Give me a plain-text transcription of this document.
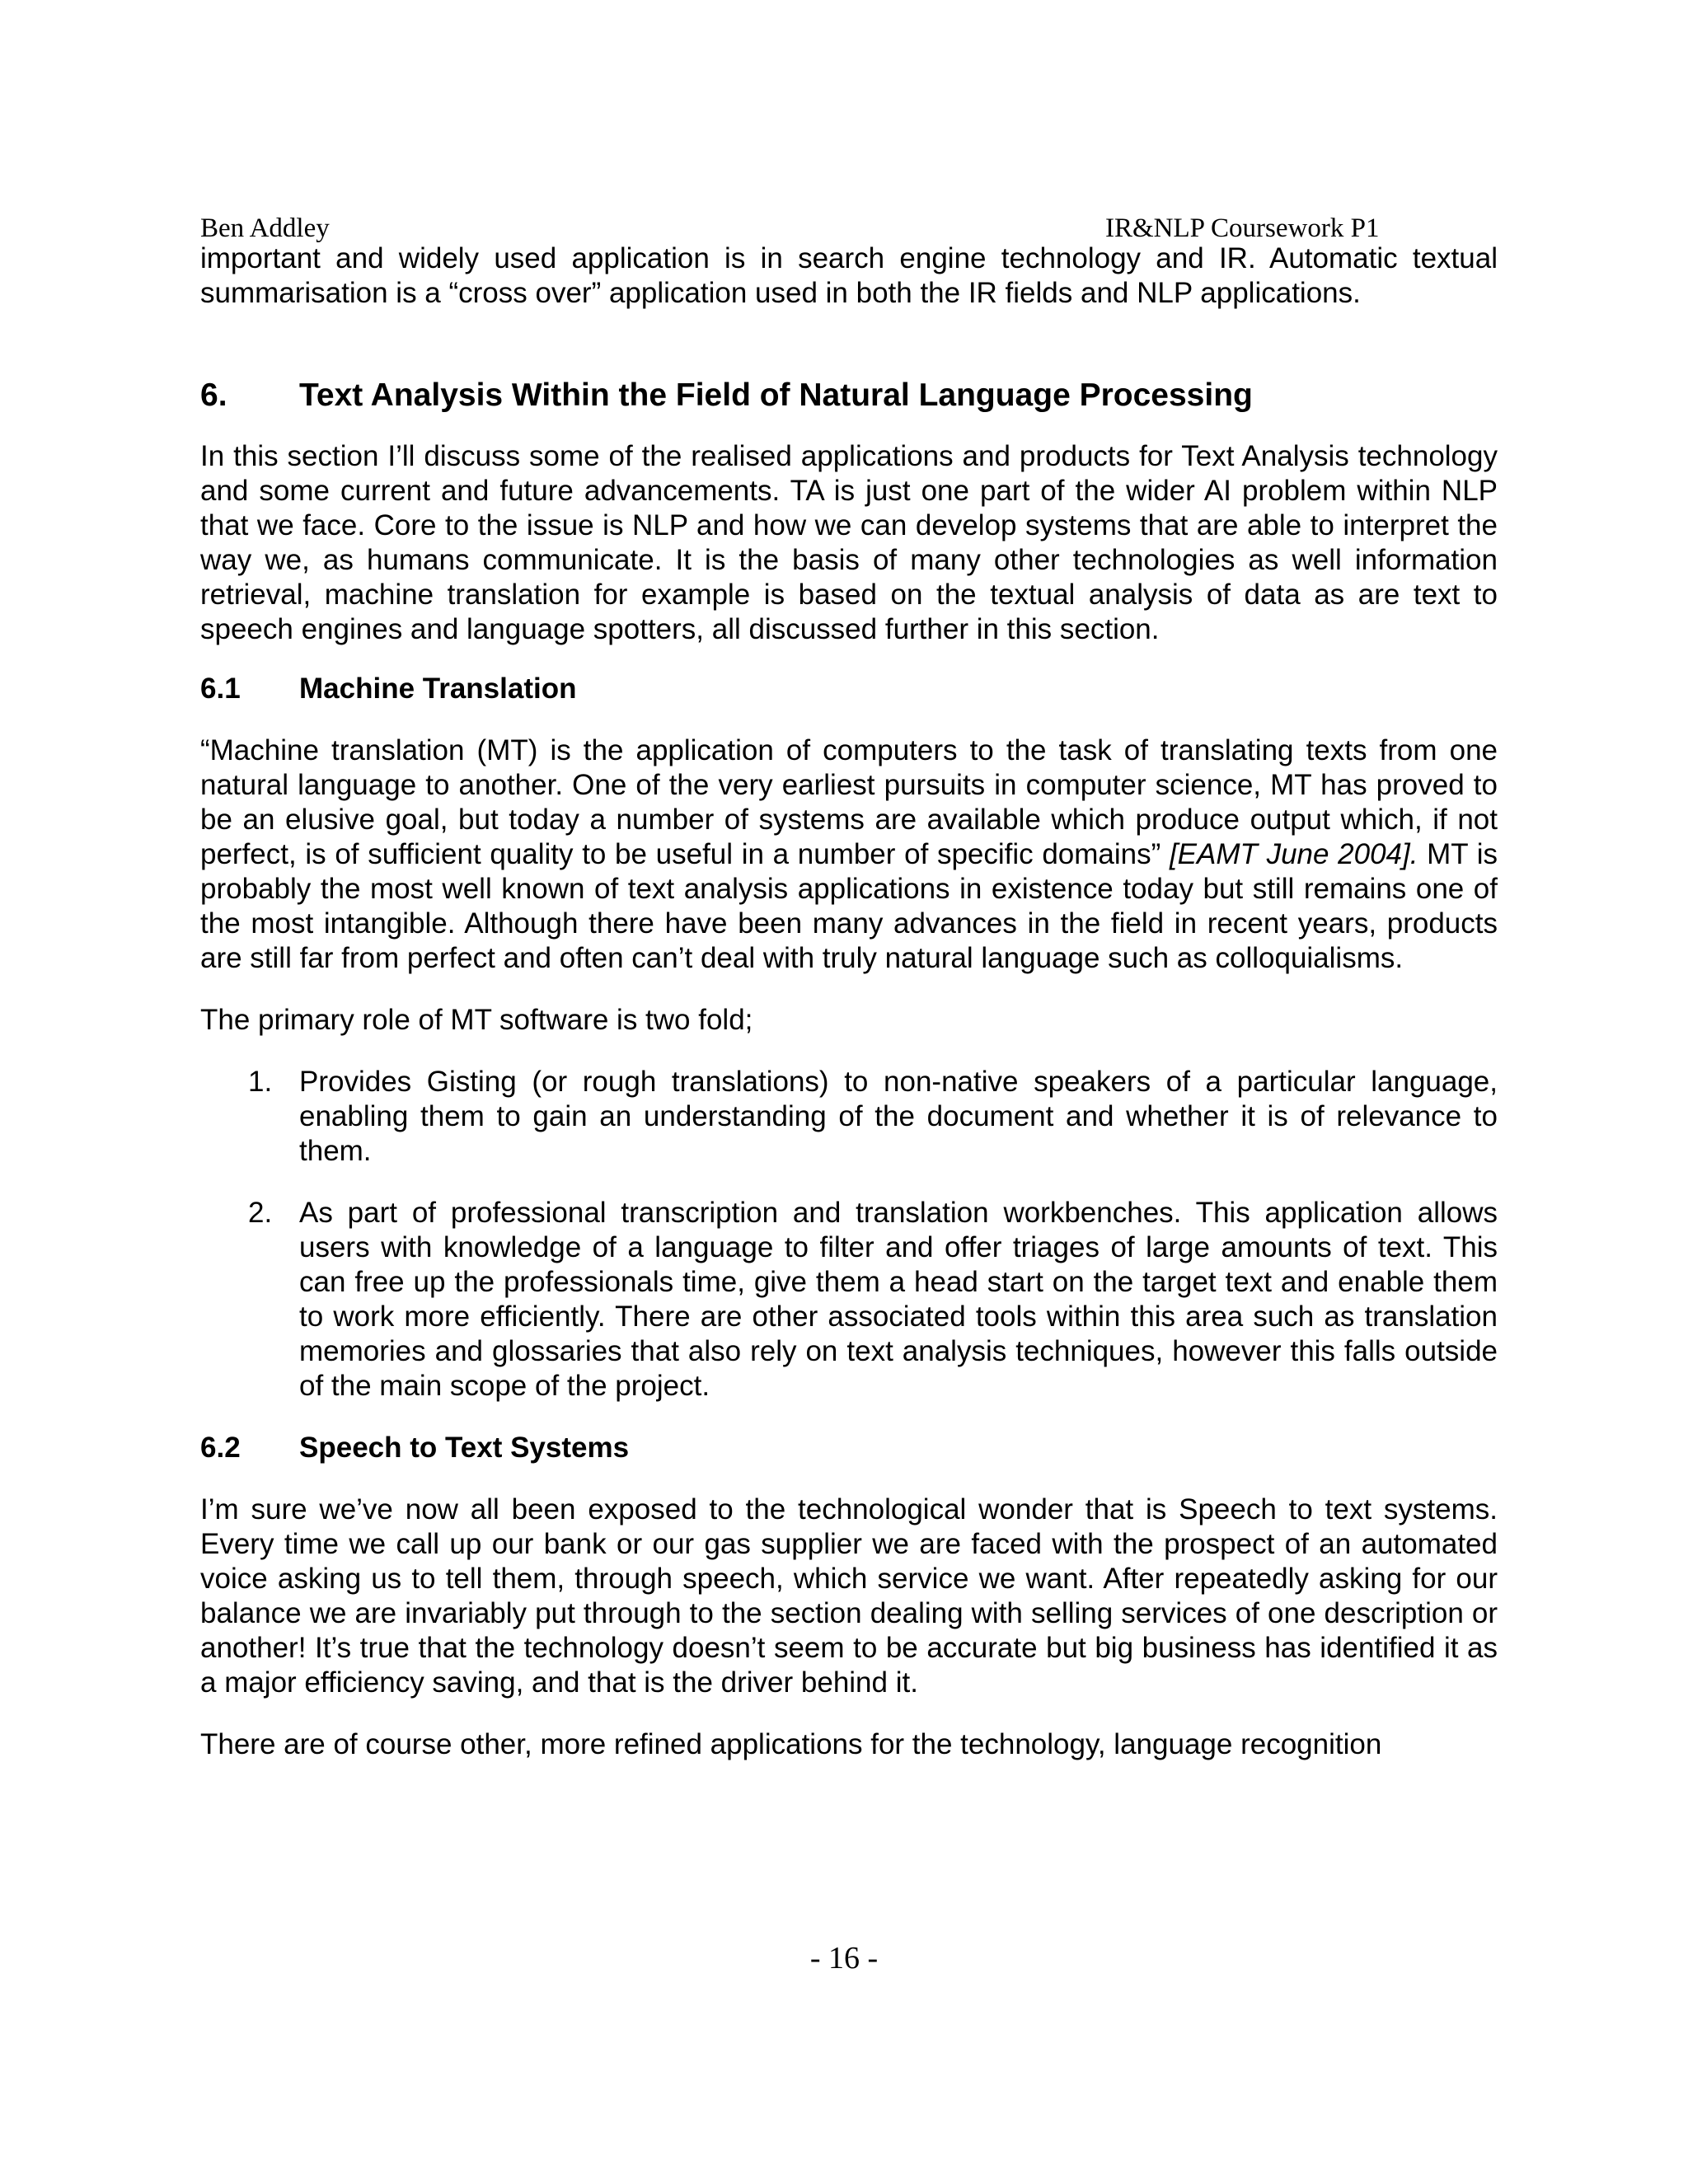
Ben Addley	IR&NLP Coursework P1

important and widely used application is in search engine technology and IR. Automatic textual summarisation is a “cross over” application used in both the IR fields and NLP applications.

6. Text Analysis Within the Field of Natural Language Processing

In this section I’ll discuss some of the realised applications and products for Text Analysis technology and some current and future advancements. TA is just one part of the wider AI problem within NLP that we face. Core to the issue is NLP and how we can develop systems that are able to interpret the way we, as humans communicate. It is the basis of many other technologies as well information retrieval, machine translation for example is based on the textual analysis of data as are text to speech engines and language spotters, all discussed further in this section.

6.1 Machine Translation

“Machine translation (MT) is the application of computers to the task of translating texts from one natural language to another. One of the very earliest pursuits in computer science, MT has proved to be an elusive goal, but today a number of systems are available which produce output which, if not perfect, is of sufficient quality to be useful in a number of specific domains” [EAMT June 2004]. MT is probably the most well known of text analysis applications in existence today but still remains one of the most intangible. Although there have been many advances in the field in recent years, products are still far from perfect and often can’t deal with truly natural language such as colloquialisms.

The primary role of MT software is two fold;

1. Provides Gisting (or rough translations) to non-native speakers of a particular language, enabling them to gain an understanding of the document and whether it is of relevance to them.
2. As part of professional transcription and translation workbenches. This application allows users with knowledge of a language to filter and offer triages of large amounts of text. This can free up the professionals time, give them a head start on the target text and enable them to work more efficiently. There are other associated tools within this area such as translation memories and glossaries that also rely on text analysis techniques, however this falls outside of the main scope of the project.
6.2 Speech to Text Systems

I’m sure we’ve now all been exposed to the technological wonder that is Speech to text systems. Every time we call up our bank or our gas supplier we are faced with the prospect of an automated voice asking us to tell them, through speech, which service we want. After repeatedly asking for our balance we are invariably put through to the section dealing with selling services of one description or another! It’s true that the technology doesn’t seem to be accurate but big business has identified it as a major efficiency saving, and that is the driver behind it.

There are of course other, more refined applications for the technology, language recognition

- 16 -
